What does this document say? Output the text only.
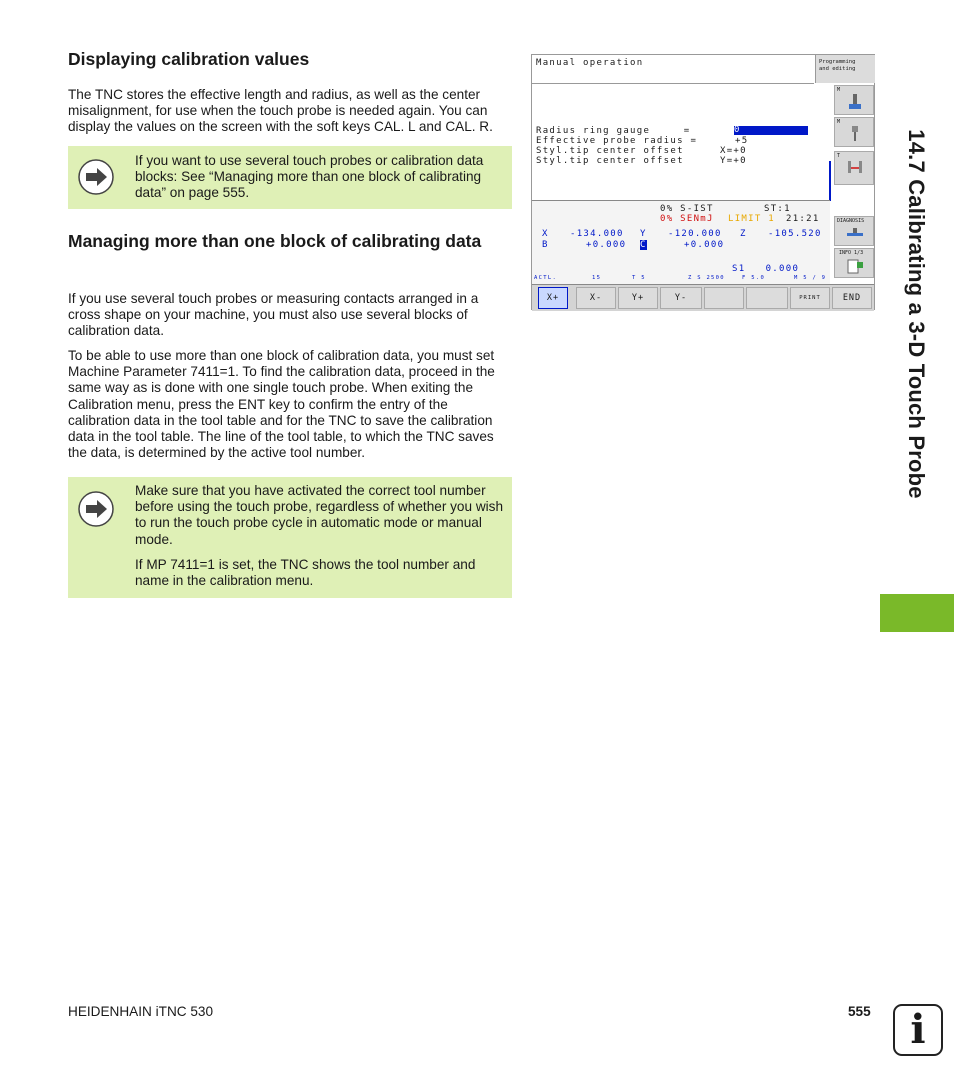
Displaying calibration values

The TNC stores the effective length and radius, as well as the center misalignment, for use when the touch probe is needed again. You can display the values on the screen with the soft keys CAL. L and CAL. R.

If you want to use several touch probes or calibration data blocks: See “Managing more than one block of calibrating data” on page 555.

Managing more than one block of calibrating data

If you use several touch probes or measuring contacts arranged in a cross shape on your machine, you must also use several blocks of calibration data.

To be able to use more than one block of calibration data, you must set Machine Parameter 7411=1. To find the calibration data, proceed in the same way as is done with one single touch probe. When exiting the Calibration menu, press the ENT key to confirm the entry of the calibration data in the tool table and for the TNC to save the calibration data in the tool table. The line of the tool table, to which the TNC saves the data, is determined by the active tool number.

Make sure that you have activated the correct tool number before using the touch probe, regardless of whether you wish to run the touch probe cycle in automatic mode or manual mode.

If MP 7411=1 is set, the TNC shows the tool number and name in the calibration menu.

Manual operation	Programming
and editing
Radius ring gauge     =	0
Effective probe radius =	+5
Styl.tip center offset	X=+0
Styl.tip center offset	Y=+0
M
M
T
DIAGNOSIS
INFO 1/3
0% S-IST	ST:1
0% SENmJ LIMIT 1 21:21
X -134.000 Y -120.000 Z -105.520
B	+0.000 C	+0.000
S1   0.000
ACTL.	15	T 5	Z S 2500	F 5.0	M 5 / 9
X+	X-	Y+	Y-	PRINT	END	14.7 Calibrating a 3-D Touch Probe
HEIDENHAIN iTNC 530	555 i
